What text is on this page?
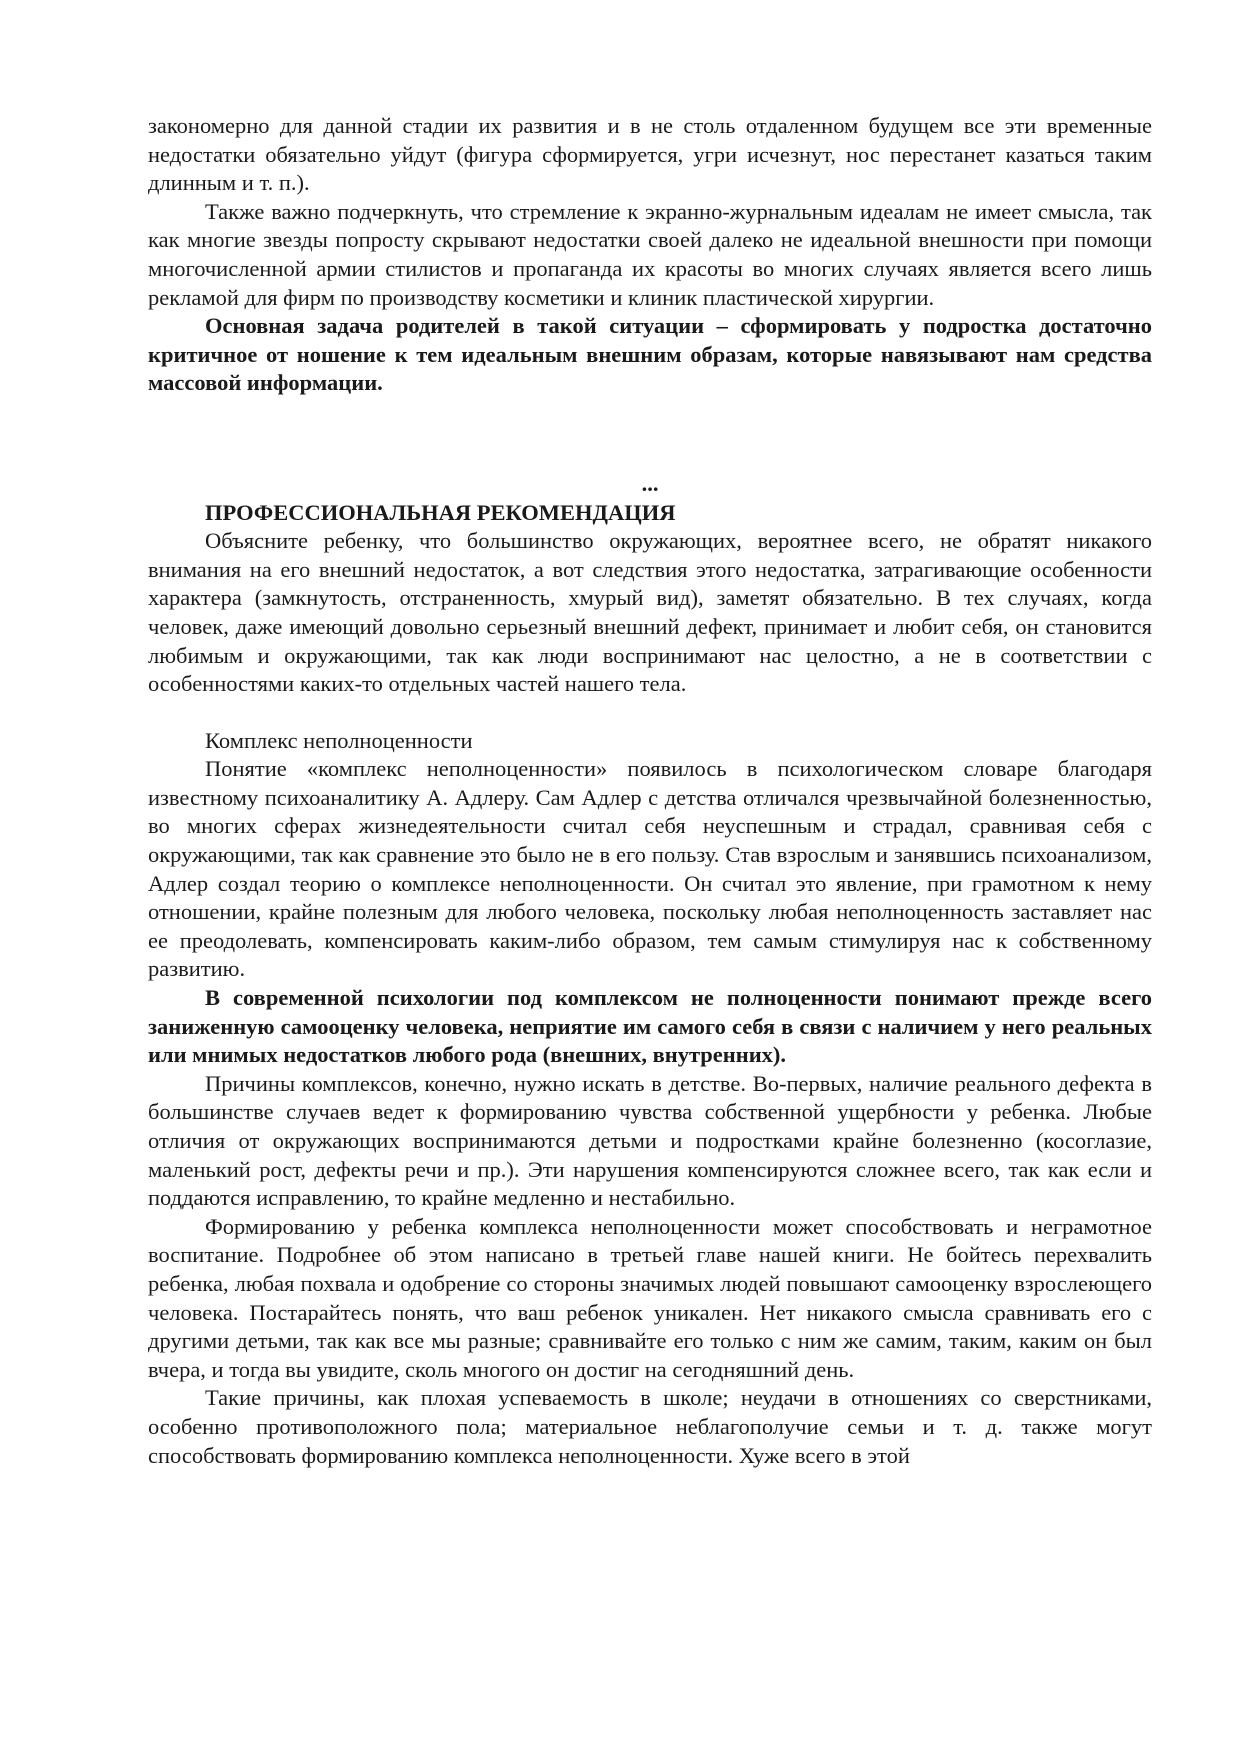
закономерно для данной стадии их развития и в не столь отдаленном будущем все эти временные недостатки обязательно уйдут (фигура сформируется, угри исчезнут, нос перестанет казаться таким длинным и т. п.).

Также важно подчеркнуть, что стремление к экранно-журнальным идеалам не имеет смысла, так как многие звезды попросту скрывают недостатки своей далеко не идеальной внешности при помощи многочисленной армии стилистов и пропаганда их красоты во многих случаях является всего лишь рекламой для фирм по производству косметики и клиник пластической хирургии.

Основная задача родителей в такой ситуации – сформировать у подростка достаточно критичное от ношение к тем идеальным внешним образам, которые навязывают нам средства массовой информации.

...

ПРОФЕССИОНАЛЬНАЯ РЕКОМЕНДАЦИЯ

Объясните ребенку, что большинство окружающих, вероятнее всего, не обратят никакого внимания на его внешний недостаток, а вот следствия этого недостатка, затрагивающие особенности характера (замкнутость, отстраненность, хмурый вид), заметят обязательно. В тех случаях, когда человек, даже имеющий довольно серьезный внешний дефект, принимает и любит себя, он становится любимым и окружающими, так как люди воспринимают нас целостно, а не в соответствии с особенностями каких-то отдельных частей нашего тела.

Комплекс неполноценности

Понятие «комплекс неполноценности» появилось в психологическом словаре благодаря известному психоаналитику А. Адлеру. Сам Адлер с детства отличался чрезвычайной болезненностью, во многих сферах жизнедеятельности считал себя неуспешным и страдал, сравнивая себя с окружающими, так как сравнение это было не в его пользу. Став взрослым и занявшись психоанализом, Адлер создал теорию о комплексе неполноценности. Он считал это явление, при грамотном к нему отношении, крайне полезным для любого человека, поскольку любая неполноценность заставляет нас ее преодолевать, компенсировать каким-либо образом, тем самым стимулируя нас к собственному развитию.

В современной психологии под комплексом не полноценности понимают прежде всего заниженную самооценку человека, неприятие им самого себя в связи с наличием у него реальных или мнимых недостатков любого рода (внешних, внутренних).

Причины комплексов, конечно, нужно искать в детстве. Во-первых, наличие реального дефекта в большинстве случаев ведет к формированию чувства собственной ущербности у ребенка. Любые отличия от окружающих воспринимаются детьми и подростками крайне болезненно (косоглазие, маленький рост, дефекты речи и пр.). Эти нарушения компенсируются сложнее всего, так как если и поддаются исправлению, то крайне медленно и нестабильно.

Формированию у ребенка комплекса неполноценности может способствовать и неграмотное воспитание. Подробнее об этом написано в третьей главе нашей книги. Не бойтесь перехвалить ребенка, любая похвала и одобрение со стороны значимых людей повышают самооценку взрослеющего человека. Постарайтесь понять, что ваш ребенок уникален. Нет никакого смысла сравнивать его с другими детьми, так как все мы разные; сравнивайте его только с ним же самим, таким, каким он был вчера, и тогда вы увидите, сколь многого он достиг на сегодняшний день.

Такие причины, как плохая успеваемость в школе; неудачи в отношениях со сверстниками, особенно противоположного пола; материальное неблагополучие семьи и т. д. также могут способствовать формированию комплекса неполноценности. Хуже всего в этой
